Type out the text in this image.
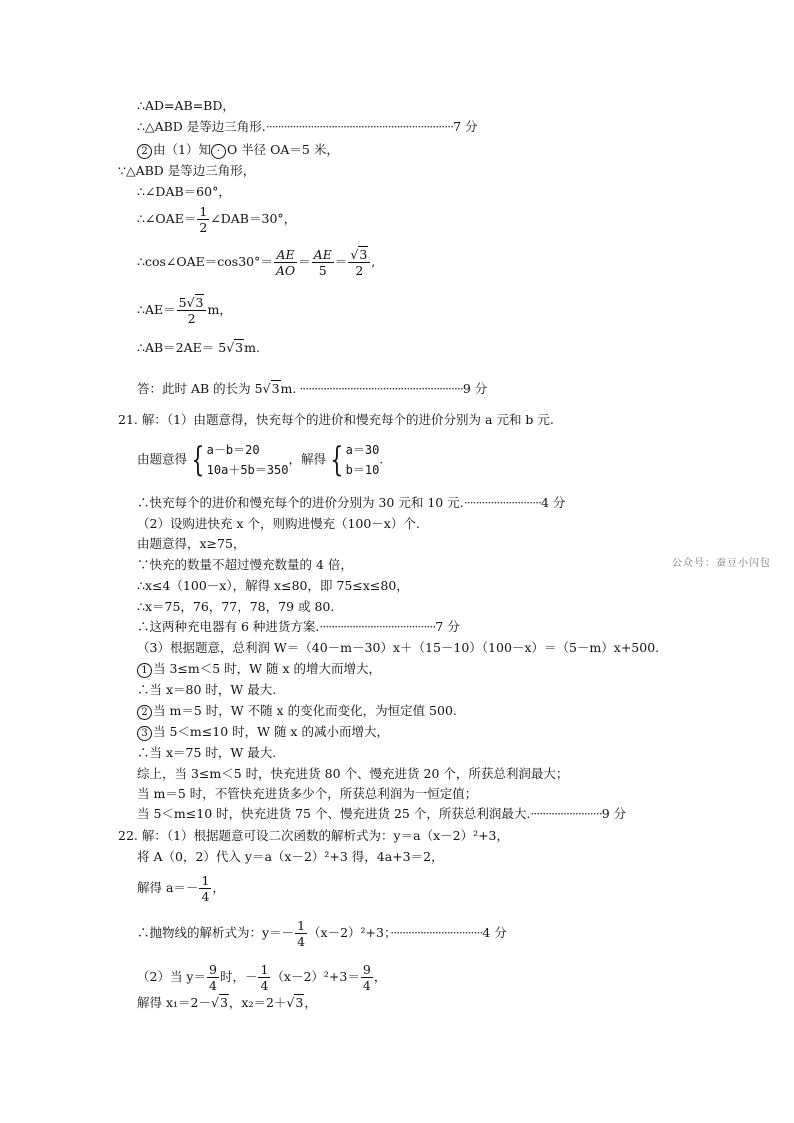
公众号：蚕豆小闪包
∴AD=AB=BD，
∴△ABD 是等边三角形.·······························································7 分
2 由（1）知 · O 半径 OA＝5 米，
∵△ABD 是等边三角形，
∴∠DAB＝60°，
∴∠OAE＝ $\frac{1}{2}$ ∠DAB＝30°，
∴cos∠OAE＝cos30°＝ $\frac{AE}{AO} = \frac{AE}{5} = \frac{√3}{2}$ ,
∴AE＝ $\frac{5√3}{2}$ m，
∴AB＝2AE＝ 5√3m.
答：此时 AB 的长为 5√3m. ·······················································9 分
21. 解：（1）由题意得，快充每个的进价和慢充每个的进价分别为 a 元和 b 元.
由题意得 { a－b＝20
10a＋5b＝350
，解得 { a＝30
b＝10
.
∴快充每个的进价和慢充每个的进价分别为 30 元和 10 元.··························4 分
（2）设购进快充 x 个，则购进慢充（100－x）个.
由题意得，x≥75，
∵快充的数量不超过慢充数量的 4 倍，
∴x≤4（100－x），解得 x≤80，即 75≤x≤80，
∴x＝75，76，77，78，79 或 80.
∴这两种充电器有 6 种进货方案.·······································7 分
（3）根据题意，总利润 W＝（40－m－30）x＋（15－10）（100－x）＝（5－m）x+500.
1 当 3≤m＜5 时，W 随 x 的增大而增大，
∴当 x＝80 时，W 最大.
2 当 m＝5 时，W 不随 x 的变化而变化，为恒定值 500.
3 当 5＜m≤10 时，W 随 x 的减小而增大，
∴当 x＝75 时，W 最大.
综上，当 3≤m＜5 时，快充进货 80 个、慢充进货 20 个，所获总利润最大；
当 m＝5 时，不管快充进货多少个，所获总利润为一恒定值；
当 5＜m≤10 时，快充进货 75 个、慢充进货 25 个，所获总利润最大.························9 分
22. 解：（1）根据题意可设二次函数的解析式为：y＝a（x－2）²+3，
将 A（0，2）代入 y＝a（x－2）²+3 得，4a+3＝2，
解得 $a=- \frac{1}{4}$ ，
∴抛物线的解析式为：$y=- \frac{1}{4} (x-2)^2+3$；·······························4 分
（2）当 $y= \frac{9}{4}$ 时，－ $\frac{1}{4} (x-2)^2+3= \frac{9}{4}$ ，
解得 x₁＝2－√3，x₂＝2＋√3，
